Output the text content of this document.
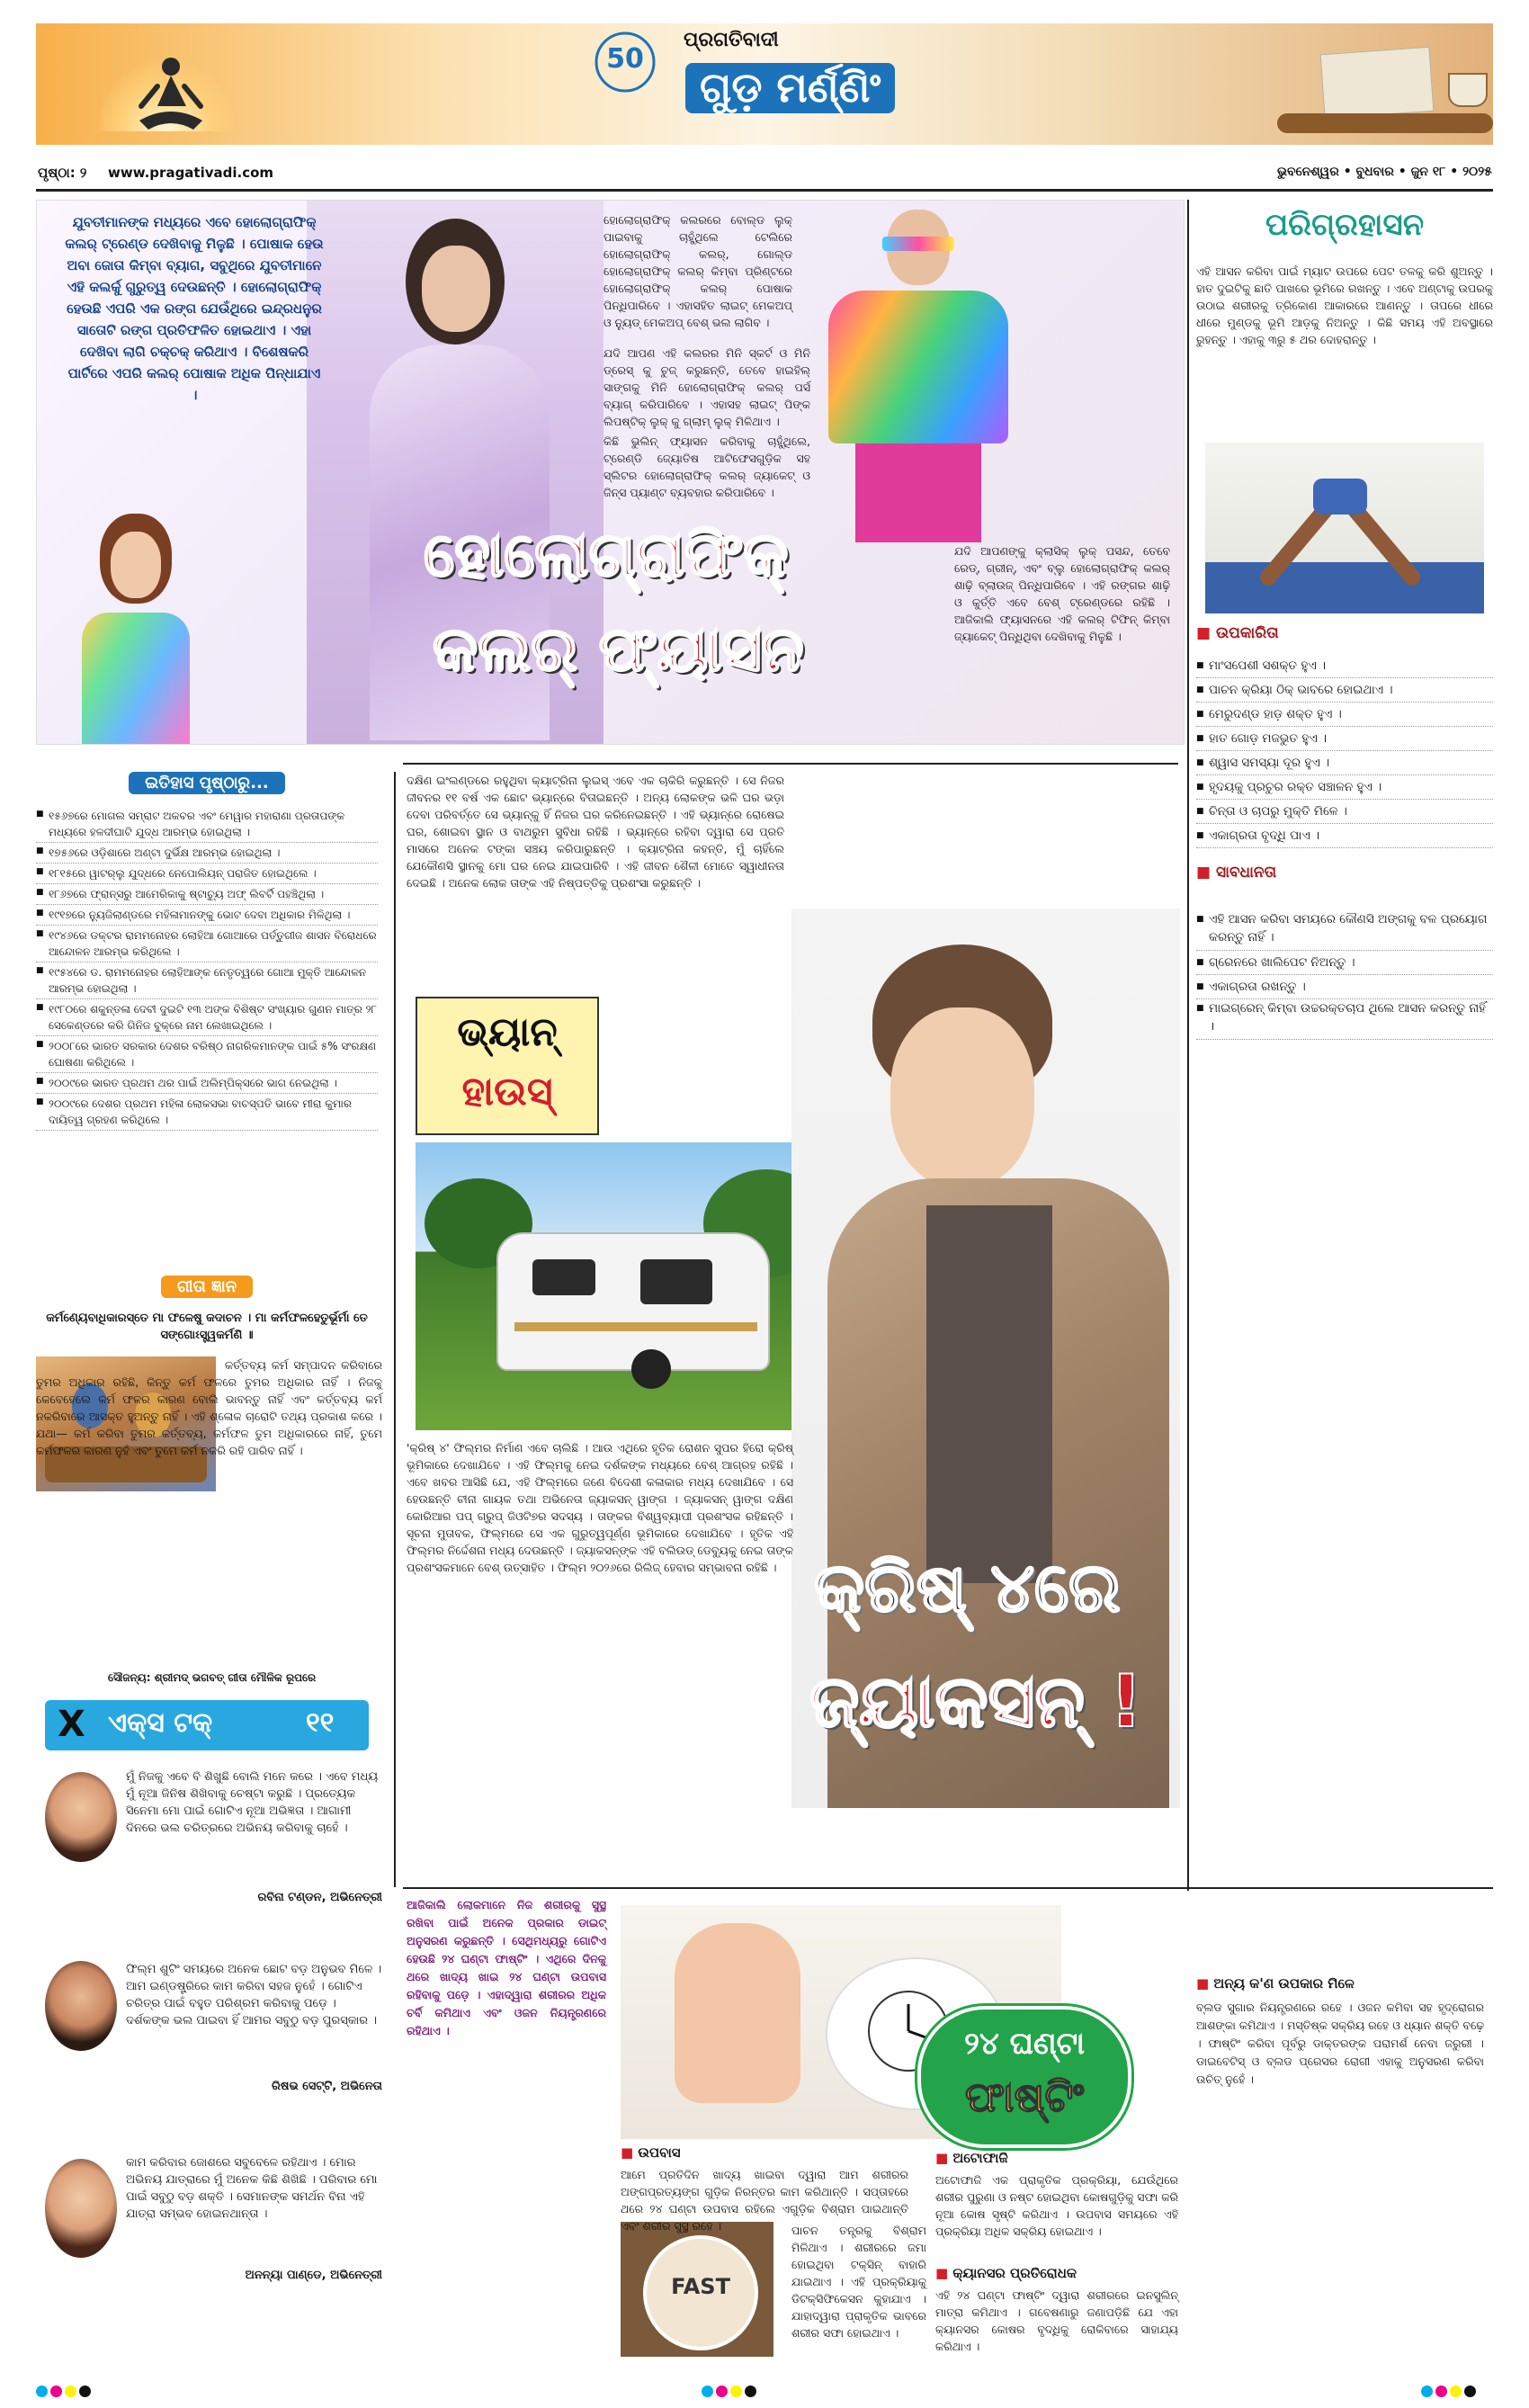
50
ପ୍ରଗତିବାଦୀ
ଗୁଡ଼ ମର୍ଣ୍ଣିଂ
ପୃଷ୍ଠା: ୨ www.pragativadi.com	ଭୁବନେଶ୍ୱର • ବୁଧବାର • ଜୁନ ୧୮ • ୨୦୨୫
ଯୁବତୀମାନଙ୍କ ମଧ୍ୟରେ ଏବେ ହୋଲୋଗ୍ରାଫିକ୍ କଲର୍ ଟ୍ରେଣ୍ଡ ଦେଖିବାକୁ ମିଳୁଛି । ପୋଷାକ ହେଉ ଅବା ଜୋତା କିମ୍ବା ବ୍ୟାଗ, ସବୁଥିରେ ଯୁବତୀମାନେ ଏହି କଲର୍କୁ ଗୁରୁତ୍ୱ ଦେଉଛନ୍ତି । ହୋଲୋଗ୍ରାଫିକ୍ ହେଉଛି ଏପରି ଏକ ରଙ୍ଗ ଯେଉଁଥିରେ ଇନ୍ଦ୍ରଧନୁର ସାତୋଟି ରଙ୍ଗ ପ୍ରତିଫଳିତ ହୋଇଥାଏ । ଏହା ଦେଖିବା ଲାଗି ଚକ୍‌ଚକ୍ କରିଥାଏ । ବିଶେଷକରି ପାର୍ଟିରେ ଏପରି କଲର୍ ପୋଷାକ ଅଧିକ ପିନ୍ଧାଯାଏ ।

ହୋଲୋଗ୍ରାଫିକ୍ କଲରରେ ବୋଲ୍ଡ ଲୁକ୍ ପାଇବାକୁ ଚାହୁଁଥିଲେ ଟେଲିରେ ହୋଲୋଗ୍ରାଫିକ୍ କଲର୍, ଗୋଲ୍ଡ ହୋଲୋଗ୍ରାଫିକ୍ କଲର୍ କିମ୍ବା ପ୍ରିଣ୍ଟରେ ହୋଲୋଗ୍ରାଫିକ୍ କଲର୍ ପୋଷାକ ପିନ୍ଧିପାରିବେ । ଏହାସହିତ ଲାଇଟ୍ ମେକଅପ୍ ଓ ନ୍ୟୁଡ୍ ମେକଅପ୍ ବେଶ୍ ଭଲ ଲାଗିବ ।

ଯଦି ଆପଣ ଏହି କଲରର ମିନି ସ୍କର୍ଟ ଓ ମିନି ଡ୍ରେସ୍ କୁ ଚୁଜ୍ କରୁଛନ୍ତି, ତେବେ ହାଇହିଲ୍ ସାଙ୍ଗକୁ ମିନି ହୋଲୋଗ୍ରାଫିକ୍ କଲର୍ ପର୍ସ ବ୍ୟାଗ୍ କରିପାରିବେ । ଏହାସହ ଲାଇଟ୍ ପିଙ୍କ ଲିପଷ୍ଟିକ୍ ଲୁକ୍ କୁ ଗ୍ଲାମ୍ ଲୁକ୍ ମିଳିଥାଏ ।

କିଛି ଭୁଲିନ୍ ଫ୍ୟାସନ କରିବାକୁ ଚାହୁଁଥିଲେ, ଟ୍ରେଣ୍ଡି ଜ୍ୟୋତିଷ ଆଟିଫେସଗୁଡ଼ିକ ସହ ସ୍ଲିଟର ହୋଲୋଗ୍ରାଫିକ୍ କଲର୍ ଜ୍ୟାକେଟ୍ ଓ ଜିନ୍ସ ପ୍ୟାଣ୍ଟ ବ୍ୟବହାର କରିପାରିବେ ।

ଯଦି ଆପଣଙ୍କୁ କ୍ଲାସିକ୍ ଲୁକ୍ ପସନ୍ଦ, ତେବେ ରେଡ୍, ଗ୍ରୀନ୍, ଏବଂ ବ୍ଲୁ ହୋଲୋଗ୍ରାଫିକ୍ କଲର୍ ଶାଢ଼ି ବ୍ଲାଉଜ୍ ପିନ୍ଧିପାରିବେ । ଏହି ରଙ୍ଗର ଶାଢ଼ି ଓ କୁର୍ତ୍ତି ଏବେ ବେଶ୍ ଟ୍ରେଣ୍ଡରେ ରହିଛି । ଆଜିକାଲି ଫ୍ୟାସନରେ ଏହି କଲର୍ ଟିଫିନ୍ କିମ୍ବା ଜ୍ୟାକେଟ୍ ପିନ୍ଧିଥିବା ଦେଖିବାକୁ ମିଳୁଛି ।

ହୋଲୋଗ୍ରାଫିକ୍
କଲର୍ ଫ୍ୟାସନ
ପରିଗ୍ରହାସନ
ଏହି ଆସନ କରିବା ପାଇଁ ମ୍ୟାଟ ଉପରେ ପେଟ ତଳକୁ କରି ଶୁଅନ୍ତୁ । ହାତ ଦୁଇଟିକୁ ଛାତି ପାଖରେ ଭୂମିରେ ରଖନ୍ତୁ । ଏବେ ଅଣ୍ଟାକୁ ଉପରକୁ ଉଠାଇ ଶରୀରକୁ ତ୍ରିକୋଣ ଆକାରରେ ଆଣନ୍ତୁ । ତାପରେ ଧୀରେ ଧୀରେ ମୁଣ୍ଡକୁ ଭୂମି ଆଡ଼କୁ ନିଅନ୍ତୁ । କିଛି ସମୟ ଏହି ଅବସ୍ଥାରେ ରୁହନ୍ତୁ । ଏହାକୁ ୩ରୁ ୫ ଥର ଦୋହରାନ୍ତୁ ।
■ ଉପକାରିତା
■ ମାଂସପେଶୀ ସଶକ୍ତ ହୁଏ ।
■ ପାଚନ କ୍ରିୟା ଠିକ୍ ଭାବରେ ହୋଇଥାଏ ।
■ ମେରୁଦଣ୍ଡ ହାଡ଼ ଶକ୍ତ ହୁଏ ।
■ ହାତ ଗୋଡ଼ ମଜଭୁତ ହୁଏ ।
■ ଶ୍ୱାସ ସମସ୍ୟା ଦୂର ହୁଏ ।
■ ହୃଦୟକୁ ପ୍ରଚୁର ରକ୍ତ ସଞ୍ଚାଳନ ହୁଏ ।
■ ଚିନ୍ତା ଓ ଚାପରୁ ମୁକ୍ତି ମିଳେ ।
■ ଏକାଗ୍ରତା ବୃଦ୍ଧି ପାଏ ।
■ ସାବଧାନତା
■ ଏହି ଆସନ କରିବା ସମୟରେ କୌଣସି ଅଙ୍ଗକୁ ବଳ ପ୍ରୟୋଗ କରନ୍ତୁ ନାହିଁ ।
■ ଗ୍ରେନରେ ଖାଲିପେଟ ନିଅନ୍ତୁ ।
■ ଏକାଗ୍ରତା ରଖନ୍ତୁ ।
■ ମାଇଗ୍ରେନ୍ କିମ୍ବା ଉଚ୍ଚରକ୍ତଚାପ ଥିଲେ ଆସନ କରନ୍ତୁ ନାହିଁ ।
ଇତିହାସ ପୃଷ୍ଠାରୁ...
■ ୧୫୬୭ରେ ମୋଗଲ ସମ୍ରାଟ ଅକବର ଏବଂ ମେୱାର ମହାରାଣା ପ୍ରତାପଙ୍କ ମଧ୍ୟରେ ହଳଦୀଘାଟି ଯୁଦ୍ଧ ଆରମ୍ଭ ହୋଇଥିଲା ।
■ ୧୭୫୬ରେ ଓଡ଼ିଶାରେ ଅଣ୍ଟା ଦୁର୍ଭିକ୍ଷ ଆରମ୍ଭ ହୋଇଥିଲା ।
■ ୧୮୧୫ରେ ୱାଟର୍‌ଲୁ ଯୁଦ୍ଧରେ ନେପୋଲିୟନ୍ ପରାଜିତ ହୋଇଥିଲେ ।
■ ୧୮୬୭ରେ ଫ୍ରାନ୍ସରୁ ଆମେରିକାକୁ ଷ୍ଟାଚ୍ୟୁ ଅଫ୍ ଲିବର୍ଟି ପହଞ୍ଚିଥିଲା ।
■ ୧୯୧୭ରେ ନ୍ୟୁଜିଲାଣ୍ଡରେ ମହିଳାମାନଙ୍କୁ ଭୋଟ ଦେବା ଅଧିକାର ମିଳିଥିଲା ।
■ ୧୯୪୬ରେ ଡକ୍ଟର ରାମମନୋହର ଲୋହିଆ ଗୋଆରେ ପର୍ତ୍ତୁଗୀଜ ଶାସନ ବିରୋଧରେ ଆନ୍ଦୋଳନ ଆରମ୍ଭ କରିଥିଲେ ।
■ ୧୯୫୪ରେ ଡ. ରାମମନୋହର ଲୋହିଆଙ୍କ ନେତୃତ୍ୱରେ ଗୋଆ ମୁକ୍ତି ଆନ୍ଦୋଳନ ଆରମ୍ଭ ହୋଇଥିଲା ।
■ ୧୯୮୦ରେ ଶକୁନ୍ତଳା ଦେବୀ ଦୁଇଟି ୧୩ ଅଙ୍କ ବିଶିଷ୍ଟ ସଂଖ୍ୟାର ଗୁଣନ ମାତ୍ର ୨୮ ସେକେଣ୍ଡରେ କରି ଗିନିଜ ବୁକ୍‌ରେ ନାମ ଲେଖାଇଥିଲେ ।
■ ୨୦୦୮ରେ ଭାରତ ସରକାର ଦେଶର ବରିଷ୍ଠ ନାଗରିକମାନଙ୍କ ପାଇଁ ୫% ସଂରକ୍ଷଣ ଘୋଷଣା କରିଥିଲେ ।
■ ୨୦୦୯ରେ ଭାରତ ପ୍ରଥମ ଥର ପାଇଁ ଅଲିମ୍ପିକ୍ସରେ ଭାଗ ନେଇଥିଲା ।
■ ୨୦୦୯ରେ ଦେଶର ପ୍ରଥମ ମହିଳା ଲୋକସଭା ବାଚସ୍ପତି ଭାବେ ମୀରା କୁମାର ଦାୟିତ୍ୱ ଗ୍ରହଣ କରିଥିଲେ ।
ଗୀତା ଜ୍ଞାନ
କର୍ମଣ୍ୟେବାଧିକାରସ୍ତେ ମା ଫଳେଷୁ କଦାଚନ । ମା କର୍ମଫଳହେତୁର୍ଭୂର୍ମା ତେ ସଙ୍ଗୋଽସ୍ତ୍ୱକର୍ମଣି ॥
କର୍ତ୍ତବ୍ୟ କର୍ମ ସମ୍ପାଦନ କରିବାରେ ତୁମର ଅଧିକାର ରହିଛି, କିନ୍ତୁ କର୍ମ ଫଳରେ ତୁମର ଅଧିକାର ନାହିଁ । ନିଜକୁ କେବେହେଲେ କର୍ମ ଫଳର କାରଣ ବୋଲି ଭାବନ୍ତୁ ନାହିଁ ଏବଂ କର୍ତ୍ତବ୍ୟ କର୍ମ ନକରିବାରେ ଆସକ୍ତ ହୁଅନ୍ତୁ ନାହିଁ । ଏହି ଶ୍ଳୋକ ଚାରୋଟି ତଥ୍ୟ ପ୍ରକାଶ କରେ । ଯଥା— କର୍ମ କରିବା ତୁମର କର୍ତ୍ତବ୍ୟ, କର୍ମଫଳ ତୁମ ଅଧିକାରରେ ନାହିଁ, ତୁମେ କର୍ମଫଳର କାରଣ ନୁହଁ ଏବଂ ତୁମେ କର୍ମ ନକରି ରହି ପାରିବ ନାହିଁ ।
ସୌଜନ୍ୟ: ଶ୍ରୀମଦ୍ ଭଗବତ୍ ଗୀତା ମୌଳିକ ରୂପରେ
X ଏକ୍ସ ଟକ୍	୧୧
ମୁଁ ନିଜକୁ ଏବେ ବି ଶିଖୁଛି ବୋଲି ମନେ କରେ । ଏବେ ମଧ୍ୟ ମୁଁ ନୂଆ ଜିନିଷ ଶିଖିବାକୁ ଚେଷ୍ଟା କରୁଛି । ପ୍ରତ୍ୟେକ ସିନେମା ମୋ ପାଇଁ ଗୋଟିଏ ନୂଆ ଅଭିଜ୍ଞତା । ଆଗାମୀ ଦିନରେ ଭଲ ଚରିତ୍ରରେ ଅଭିନୟ କରିବାକୁ ଚାହେଁ ।
ରବିନା ଟଣ୍ଡନ, ଅଭିନେତ୍ରୀ
ଫିଲ୍ମ ଶୁଟିଂ ସମୟରେ ଅନେକ ଛୋଟ ବଡ଼ ଅନୁଭବ ମିଳେ । ଆମ ଇଣ୍ଡଷ୍ଟ୍ରିରେ କାମ କରିବା ସହଜ ନୁହେଁ । ଗୋଟିଏ ଚରିତ୍ର ପାଇଁ ବହୁତ ପରିଶ୍ରମ କରିବାକୁ ପଡ଼େ । ଦର୍ଶକଙ୍କ ଭଲ ପାଇବା ହିଁ ଆମର ସବୁଠୁ ବଡ଼ ପୁରସ୍କାର ।
ରିଷଭ ସେଟ୍ଟି, ଅଭିନେତା
କାମ କରିବାର ଜୋଶରେ ସବୁବେଳେ ରହିଥାଏ । ମୋର ଅଭିନୟ ଯାତ୍ରାରେ ମୁଁ ଅନେକ କିଛି ଶିଖିଛି । ପରିବାର ମୋ ପାଇଁ ସବୁଠୁ ବଡ଼ ଶକ୍ତି । ସେମାନଙ୍କ ସମର୍ଥନ ବିନା ଏହି ଯାତ୍ରା ସମ୍ଭବ ହୋଇନଥାନ୍ତା ।
ଅନନ୍ୟା ପାଣ୍ଡେ, ଅଭିନେତ୍ରୀ
ଦକ୍ଷିଣ ଇଂଲଣ୍ଡରେ ରହୁଥିବା କ୍ୟାଟ୍ରିନା ଲୁଇସ୍ ଏବେ ଏକ ଚାକିରି କରୁଛନ୍ତି । ସେ ନିଜର ଜୀବନର ୧୧ ବର୍ଷ ଏକ ଛୋଟ ଭ୍ୟାନ୍‌ରେ ବିତାଇଛନ୍ତି । ଅନ୍ୟ ଲୋକଙ୍କ ଭଳି ଘର ଭଡ଼ା ଦେବା ପରିବର୍ତ୍ତେ ସେ ଭ୍ୟାନ୍‌କୁ ହିଁ ନିଜର ଘର କରିନେଇଛନ୍ତି । ଏହି ଭ୍ୟାନ୍‌ରେ ରୋଷେଇ ଘର, ଶୋଇବା ସ୍ଥାନ ଓ ବାଥରୁମ ସୁବିଧା ରହିଛି । ଭ୍ୟାନ୍‌ରେ ରହିବା ଦ୍ୱାରା ସେ ପ୍ରତି ମାସରେ ଅନେକ ଟଙ୍କା ସଞ୍ଚୟ କରିପାରୁଛନ୍ତି । କ୍ୟାଟ୍ରିନା କହନ୍ତି, ମୁଁ ଚାହିଁଲେ ଯେକୌଣସି ସ୍ଥାନକୁ ମୋ ଘର ନେଇ ଯାଇପାରିବି । ଏହି ଜୀବନ ଶୈଳୀ ମୋତେ ସ୍ୱାଧୀନତା ଦେଇଛି । ଅନେକ ଲୋକ ତାଙ୍କ ଏହି ନିଷ୍ପତ୍ତିକୁ ପ୍ରଶଂସା କରୁଛନ୍ତି ।
ଭ୍ୟାନ୍
ହାଉସ୍
'କ୍ରିଷ୍ ୪' ଫିଲ୍ମର ନିର୍ମାଣ ଏବେ ଚାଲିଛି । ଆଉ ଏଥିରେ ହୃତିକ ରୋଶନ ସୁପର ହିରୋ କ୍ରିଷ୍ ଭୂମିକାରେ ଦେଖାଯିବେ । ଏହି ଫିଲ୍ମକୁ ନେଇ ଦର୍ଶକଙ୍କ ମଧ୍ୟରେ ବେଶ୍ ଆଗ୍ରହ ରହିଛି । ଏବେ ଖବର ଆସିଛି ଯେ, ଏହି ଫିଲ୍ମରେ ଜଣେ ବିଦେଶୀ କଳାକାର ମଧ୍ୟ ଦେଖାଯିବେ । ସେ ହେଉଛନ୍ତି ଚୀନା ଗାୟକ ତଥା ଅଭିନେତା ଜ୍ୟାକସନ୍ ୱାଙ୍ଗ । ଜ୍ୟାକସନ୍ ୱାଙ୍ଗ ଦକ୍ଷିଣ କୋରିଆର ପପ୍ ଗ୍ରୁପ୍ ଜିଓଟି୭ର ସଦସ୍ୟ । ତାଙ୍କର ବିଶ୍ୱବ୍ୟାପୀ ପ୍ରଶଂସକ ରହିଛନ୍ତି । ସୂଚନା ମୁତାବକ, ଫିଲ୍ମରେ ସେ ଏକ ଗୁରୁତ୍ୱପୂର୍ଣ୍ଣ ଭୂମିକାରେ ଦେଖାଯିବେ । ହୃତିକ ଏହି ଫିଲ୍ମର ନିର୍ଦ୍ଦେଶନା ମଧ୍ୟ ଦେଉଛନ୍ତି । ଜ୍ୟାକସନ୍‌ଙ୍କ ଏହି ବଲିଉଡ୍ ଡେବ୍ୟୁକୁ ନେଇ ତାଙ୍କ ପ୍ରଶଂସକମାନେ ବେଶ୍ ଉତ୍ସାହିତ । ଫିଲ୍ମ ୨୦୨୬ରେ ରିଲିଜ୍ ହେବାର ସମ୍ଭାବନା ରହିଛି । କ୍ରିଷ୍ ୪ରେ
ଜ୍ୟାକସନ୍ !
ଆଜିକାଲି ଲୋକମାନେ ନିଜ ଶରୀରକୁ ସୁସ୍ଥ ରଖିବା ପାଇଁ ଅନେକ ପ୍ରକାର ଡାଇଟ୍ ଅନୁସରଣ କରୁଛନ୍ତି । ସେଥିମଧ୍ୟରୁ ଗୋଟିଏ ହେଉଛି ୨୪ ଘଣ୍ଟା ଫାଷ୍ଟିଂ । ଏଥିରେ ଦିନକୁ ଥରେ ଖାଦ୍ୟ ଖାଇ ୨୪ ଘଣ୍ଟା ଉପବାସ ରହିବାକୁ ପଡ଼େ । ଏହାଦ୍ୱାରା ଶରୀରର ଅଧିକ ଚର୍ବି କମିଥାଏ ଏବଂ ଓଜନ ନିୟନ୍ତ୍ରଣରେ ରହିଥାଏ ।	୨୪ ଘଣ୍ଟା
ଫାଷ୍ଟିଂ
FAST
■ ଉପବାସ
ଆମେ ପ୍ରତିଦିନ ଖାଦ୍ୟ ଖାଇବା ଦ୍ୱାରା ଆମ ଶରୀରର ଅଙ୍ଗପ୍ରତ୍ୟଙ୍ଗ ଗୁଡ଼ିକ ନିରନ୍ତର କାମ କରିଥାନ୍ତି । ସପ୍ତାହରେ ଥରେ ୨୪ ଘଣ୍ଟା ଉପବାସ ରହିଲେ ଏଗୁଡ଼ିକ ବିଶ୍ରାମ ପାଇଥାନ୍ତି ଏବଂ ଶରୀର ସୁସ୍ଥ ରହେ ।	ପାଚନ ତନ୍ତ୍ରକୁ ବିଶ୍ରାମ ମିଳିଥାଏ । ଶରୀରରେ ଜମା ହୋଇଥିବା ଟକ୍ସିନ୍ ବାହାରି ଯାଇଥାଏ । ଏହି ପ୍ରକ୍ରିୟାକୁ ଡିଟକ୍ସିଫିକେସନ କୁହାଯାଏ । ଯାହାଦ୍ୱାରା ପ୍ରାକୃତିକ ଭାବରେ ଶରୀର ସଫା ହୋଇଥାଏ ।
■ ଅଟୋଫାଜି
ଅଟୋଫାଜି ଏକ ପ୍ରାକୃତିକ ପ୍ରକ୍ରିୟା, ଯେଉଁଥିରେ ଶରୀର ପୁରୁଣା ଓ ନଷ୍ଟ ହୋଇଥିବା କୋଷଗୁଡ଼ିକୁ ସଫା କରି ନୂଆ କୋଷ ସୃଷ୍ଟି କରିଥାଏ । ଉପବାସ ସମୟରେ ଏହି ପ୍ରକ୍ରିୟା ଅଧିକ ସକ୍ରିୟ ହୋଇଥାଏ ।
■ କ୍ୟାନସର ପ୍ରତିରୋଧକ
ଏହି ୨୪ ଘଣ୍ଟା ଫାଷ୍ଟିଂ ଦ୍ୱାରା ଶରୀରରେ ଇନସୁଲିନ୍ ମାତ୍ରା କମିଥାଏ । ଗବେଷଣାରୁ ଜଣାପଡ଼ିଛି ଯେ ଏହା କ୍ୟାନସର କୋଷର ବୃଦ୍ଧିକୁ ରୋକିବାରେ ସାହାଯ୍ୟ କରିଥାଏ ।
■ ଅନ୍ୟ କ'ଣ ଉପକାର ମିଳେ
ବ୍ଲଡ ସୁଗାର ନିୟନ୍ତ୍ରଣରେ ରହେ । ଓଜନ କମିବା ସହ ହୃଦ୍‌ରୋଗର ଆଶଙ୍କା କମିଥାଏ । ମସ୍ତିଷ୍କ ସକ୍ରିୟ ରହେ ଓ ଧ୍ୟାନ ଶକ୍ତି ବଢ଼େ । ଫାଷ୍ଟିଂ କରିବା ପୂର୍ବରୁ ଡାକ୍ତରଙ୍କ ପରାମର୍ଶ ନେବା ଜରୁରୀ । ଡାଇବେଟିସ୍ ଓ ବ୍ଲଡ ପ୍ରେସର ରୋଗୀ ଏହାକୁ ଅନୁସରଣ କରିବା ଉଚିତ୍ ନୁହେଁ ।
